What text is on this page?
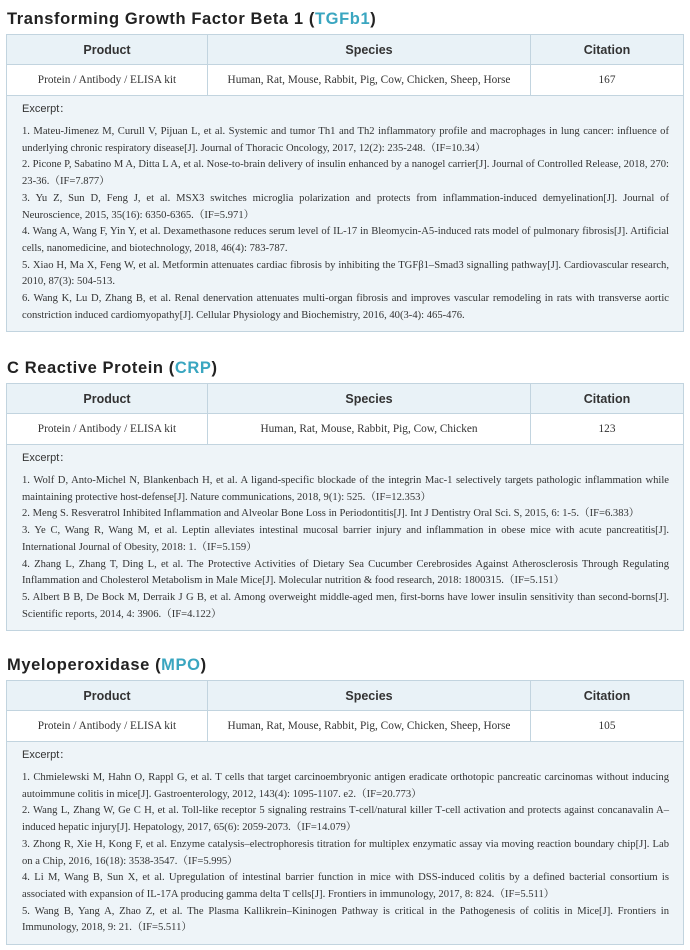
Transforming Growth Factor Beta 1 (TGFb1)
Product	Species	Citation
Protein / Antibody / ELISA kit	Human, Rat, Mouse, Rabbit, Pig, Cow, Chicken, Sheep, Horse	167
Excerpt：
1. Mateu-Jimenez M, Curull V, Pijuan L, et al. Systemic and tumor Th1 and Th2 inflammatory profile and macrophages in lung cancer: influence of underlying chronic respiratory disease[J]. Journal of Thoracic Oncology, 2017, 12(2): 235-248.（IF=10.34）
2. Picone P, Sabatino M A, Ditta L A, et al. Nose-to-brain delivery of insulin enhanced by a nanogel carrier[J]. Journal of Controlled Release, 2018, 270: 23-36.（IF=7.877）
3. Yu Z, Sun D, Feng J, et al. MSX3 switches microglia polarization and protects from inflammation-induced demyelination[J]. Journal of Neuroscience, 2015, 35(16): 6350-6365.（IF=5.971）
4. Wang A, Wang F, Yin Y, et al. Dexamethasone reduces serum level of IL-17 in Bleomycin-A5-induced rats model of pulmonary fibrosis[J]. Artificial cells, nanomedicine, and biotechnology, 2018, 46(4): 783-787.
5. Xiao H, Ma X, Feng W, et al. Metformin attenuates cardiac fibrosis by inhibiting the TGFβ1–Smad3 signalling pathway[J]. Cardiovascular research, 2010, 87(3): 504-513.
6. Wang K, Lu D, Zhang B, et al. Renal denervation attenuates multi-organ fibrosis and improves vascular remodeling in rats with transverse aortic constriction induced cardiomyopathy[J]. Cellular Physiology and Biochemistry, 2016, 40(3-4): 465-476.
C Reactive Protein (CRP)
Product	Species	Citation
Protein / Antibody / ELISA kit	Human, Rat, Mouse, Rabbit, Pig, Cow, Chicken	123
Excerpt：
1. Wolf D, Anto-Michel N, Blankenbach H, et al. A ligand-specific blockade of the integrin Mac-1 selectively targets pathologic inflammation while maintaining protective host-defense[J]. Nature communications, 2018, 9(1): 525.（IF=12.353）
2. Meng S. Resveratrol Inhibited Inflammation and Alveolar Bone Loss in Periodontitis[J]. Int J Dentistry Oral Sci. S, 2015, 6: 1-5.（IF=6.383）
3. Ye C, Wang R, Wang M, et al. Leptin alleviates intestinal mucosal barrier injury and inflammation in obese mice with acute pancreatitis[J]. International Journal of Obesity, 2018: 1.（IF=5.159）
4. Zhang L, Zhang T, Ding L, et al. The Protective Activities of Dietary Sea Cucumber Cerebrosides Against Atherosclerosis Through Regulating Inflammation and Cholesterol Metabolism in Male Mice[J]. Molecular nutrition & food research, 2018: 1800315.（IF=5.151）
5. Albert B B, De Bock M, Derraik J G B, et al. Among overweight middle-aged men, first-borns have lower insulin sensitivity than second-borns[J]. Scientific reports, 2014, 4: 3906.（IF=4.122）
Myeloperoxidase (MPO)
Product	Species	Citation
Protein / Antibody / ELISA kit	Human, Rat, Mouse, Rabbit, Pig, Cow, Chicken, Sheep, Horse	105
Excerpt：
1. Chmielewski M, Hahn O, Rappl G, et al. T cells that target carcinoembryonic antigen eradicate orthotopic pancreatic carcinomas without inducing autoimmune colitis in mice[J]. Gastroenterology, 2012, 143(4): 1095-1107. e2.（IF=20.773）
2. Wang L, Zhang W, Ge C H, et al. Toll‐like receptor 5 signaling restrains T‐cell/natural killer T‐cell activation and protects against concanavalin A–induced hepatic injury[J]. Hepatology, 2017, 65(6): 2059-2073.（IF=14.079）
3. Zhong R, Xie H, Kong F, et al. Enzyme catalysis–electrophoresis titration for multiplex enzymatic assay via moving reaction boundary chip[J]. Lab on a Chip, 2016, 16(18): 3538-3547.（IF=5.995）
4. Li M, Wang B, Sun X, et al. Upregulation of intestinal barrier function in mice with DSS-induced colitis by a defined bacterial consortium is associated with expansion of IL-17A producing gamma delta T cells[J]. Frontiers in immunology, 2017, 8: 824.（IF=5.511）
5. Wang B, Yang A, Zhao Z, et al. The Plasma Kallikrein–Kininogen Pathway is critical in the Pathogenesis of colitis in Mice[J]. Frontiers in Immunology, 2018, 9: 21.（IF=5.511）
